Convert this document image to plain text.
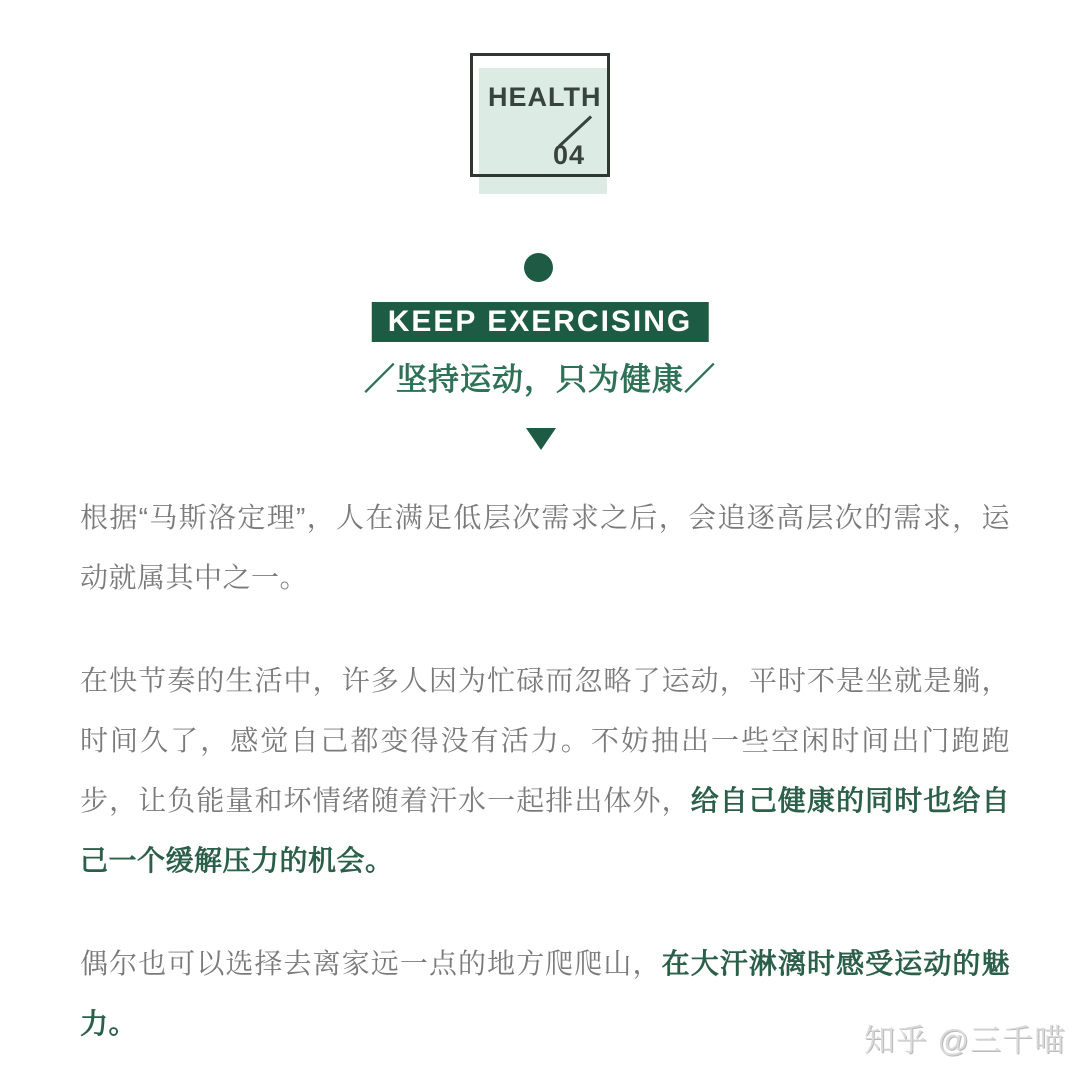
HEALTH
04
KEEP EXERCISING
／坚持运动，只为健康／

根据“马斯洛定理”，人在满足低层次需求之后，会追逐高层次的需求，运动就属其中之一。

在快节奏的生活中，许多人因为忙碌而忽略了运动，平时不是坐就是躺，时间久了，感觉自己都变得没有活力。不妨抽出一些空闲时间出门跑跑步，让负能量和坏情绪随着汗水一起排出体外，给自己健康的同时也给自己一个缓解压力的机会。

偶尔也可以选择去离家远一点的地方爬爬山，在大汗淋漓时感受运动的魅力。	知乎 @三千喵
